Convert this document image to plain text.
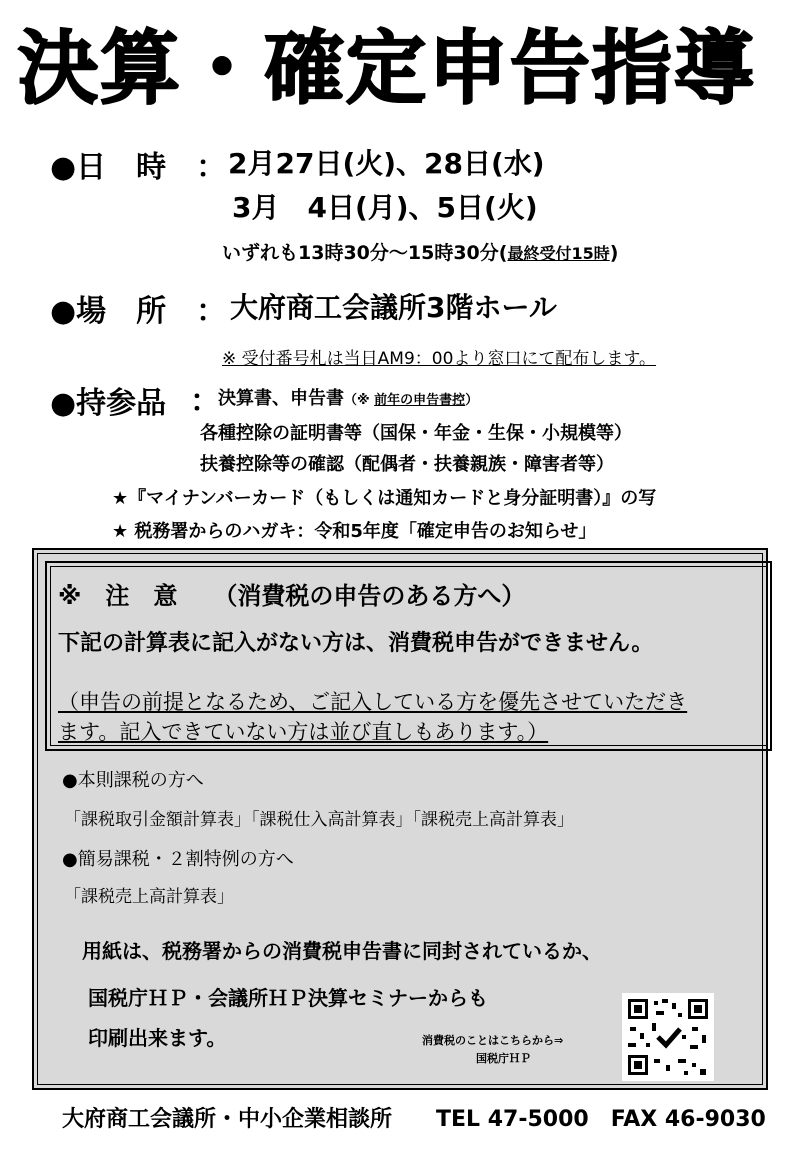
決算・確定申告指導
●日　時　： 2月27日(火)、28日(水)
3月　4日(月)、5日(火)
いずれも13時30分～15時30分(最終受付15時)
●場　所　： 大府商工会議所3階ホール
※ 受付番号札は当日AM9：00より窓口にて配布します。
●持参品 ：
決算書、申告書（※ 前年の申告書控）
各種控除の証明書等（国保・年金・生保・小規模等）
扶養控除等の確認（配偶者・扶養親族・障害者等）
★『マイナンバーカード（もしくは通知カードと身分証明書）』の写
★ 税務署からのハガキ：令和5年度「確定申告のお知らせ」
※　注　意　　（消費税の申告のある方へ）
下記の計算表に記入がない方は、消費税申告ができません。
（申告の前提となるため、ご記入している方を優先させていただき
ます。記入できていない方は並び直しもあります。）
●本則課税の方へ
「課税取引金額計算表」「課税仕入高計算表」「課税売上高計算表」
●簡易課税・２割特例の方へ
「課税売上高計算表」
用紙は、税務署からの消費税申告書に同封されているか、
国税庁ＨＰ・会議所ＨＰ決算セミナーからも
印刷出来ます。	消費税のことはこちらから⇒
国税庁ＨＰ
大府商工会議所・中小企業相談所　　TEL 47-5000　FAX 46-9030
